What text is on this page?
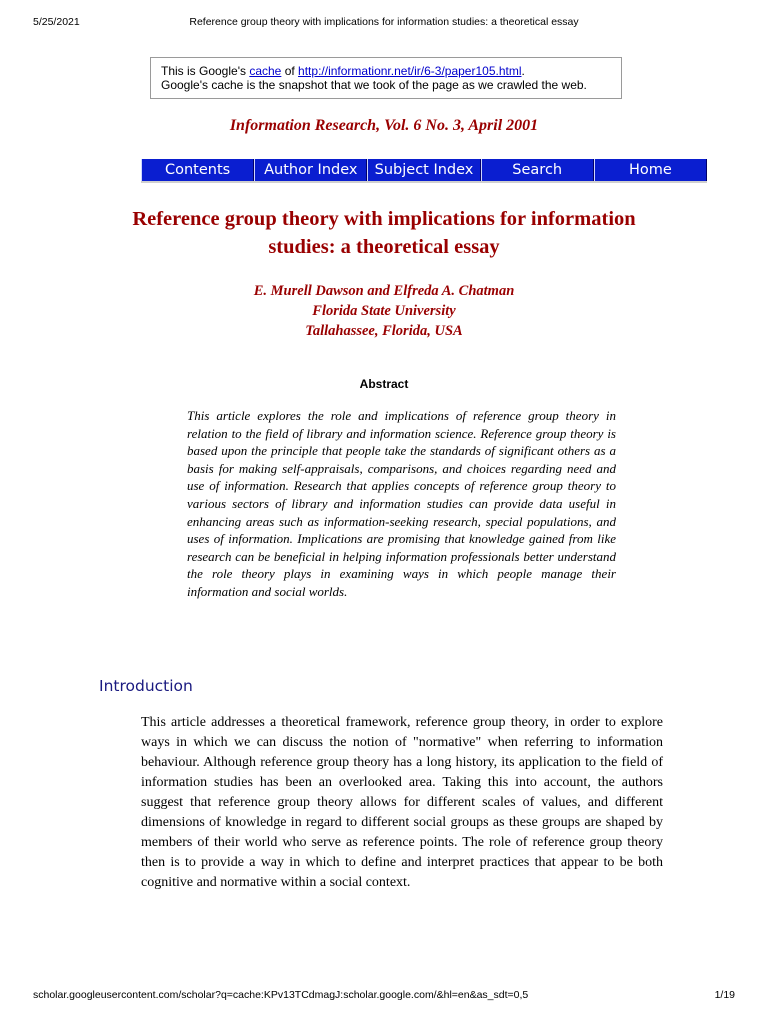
5/25/2021	Reference group theory with implications for information studies: a theoretical essay
This is Google's cache of http://informationr.net/ir/6-3/paper105.html.
Google's cache is the snapshot that we took of the page as we crawled the web.
Information Research, Vol. 6 No. 3, April 2001
Contents	Author Index	Subject Index	Search	Home
Reference group theory with implications for information studies: a theoretical essay
E. Murell Dawson and Elfreda A. Chatman
Florida State University
Tallahassee, Florida, USA
Abstract
This article explores the role and implications of reference group theory in relation to the field of library and information science. Reference group theory is based upon the principle that people take the standards of significant others as a basis for making self-appraisals, comparisons, and choices regarding need and use of information. Research that applies concepts of reference group theory to various sectors of library and information studies can provide data useful in enhancing areas such as information-seeking research, special populations, and uses of information. Implications are promising that knowledge gained from like research can be beneficial in helping information professionals better understand the role theory plays in examining ways in which people manage their information and social worlds.
Introduction
This article addresses a theoretical framework, reference group theory, in order to explore ways in which we can discuss the notion of "normative" when referring to information behaviour. Although reference group theory has a long history, its application to the field of information studies has been an overlooked area. Taking this into account, the authors suggest that reference group theory allows for different scales of values, and different dimensions of knowledge in regard to different social groups as these groups are shaped by members of their world who serve as reference points. The role of reference group theory then is to provide a way in which to define and interpret practices that appear to be both cognitive and normative within a social context.
scholar.googleusercontent.com/scholar?q=cache:KPv13TCdmagJ:scholar.google.com/&hl=en&as_sdt=0,5	1/19
